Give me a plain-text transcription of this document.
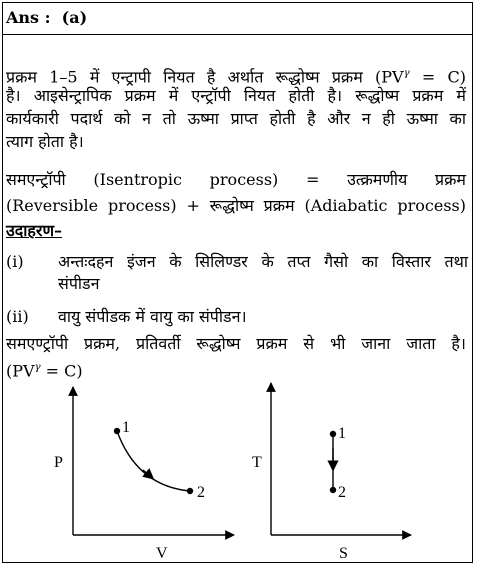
Ans : (a)
प्रक्रम 1–5 में एन्ट्रापी नियत है अर्थात रूद्धोष्म प्रक्रम $(PV^\gamma = C)$
है। आइसेन्ट्रापिक प्रक्रम में एन्ट्रॉपी नियत होती है। रूद्धोष्म प्रक्रम में
कार्यकारी पदार्थ को न तो ऊष्मा प्राप्त होती है और न ही ऊष्मा का
त्याग होता है।
समएन्ट्रॉपी (Isentropic process) = उत्क्रमणीय प्रक्रम
(Reversible process) + रूद्धोष्म प्रक्रम (Adiabatic process)
उदाहरण–
(i) अन्तःदहन इंजन के सिलिण्डर के तप्त गैसो का विस्तार तथा
संपीडन
(ii) वायु संपीडक में वायु का संपीडन।
समएण्ट्रॉपी प्रक्रम, प्रतिवर्ती रूद्धोष्म प्रक्रम से भी जाना जाता है।
$(PV^\gamma = C)$
P
V
1
2
T
S
1
2
